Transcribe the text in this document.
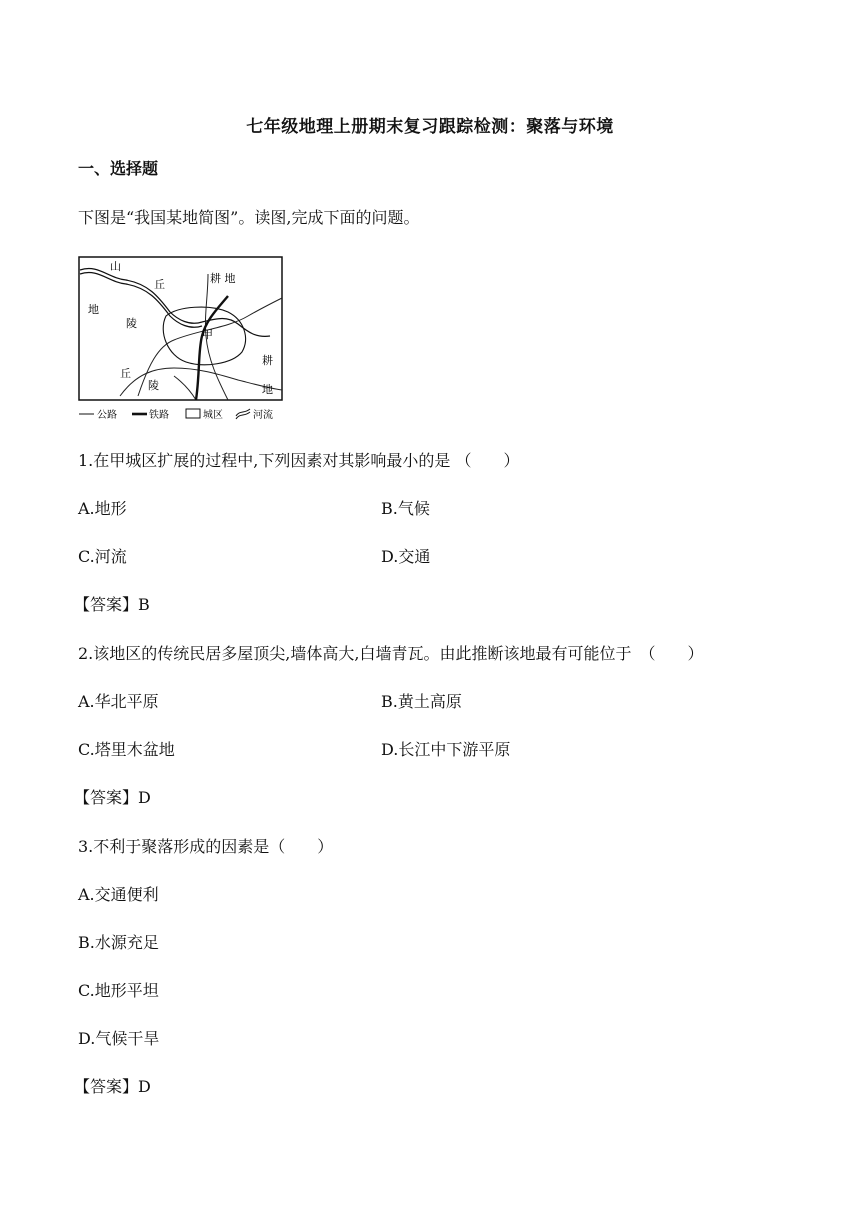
七年级地理上册期末复习跟踪检测：聚落与环境
一、选择题
下图是“我国某地简图”。读图,完成下面的问题。
山
地
丘
陵
耕 地
甲
丘
陵
耕
地
公路	铁路	城区	河流
1.在甲城区扩展的过程中,下列因素对其影响最小的是 （　　）
A.地形	B.气候
C.河流	D.交通
【答案】B
2.该地区的传统民居多屋顶尖,墙体高大,白墙青瓦。由此推断该地最有可能位于　（　　）
A.华北平原	B.黄土高原
C.塔里木盆地	D.长江中下游平原
【答案】D
3.不利于聚落形成的因素是（　　）
A.交通便利
B.水源充足
C.地形平坦
D.气候干旱
【答案】D
